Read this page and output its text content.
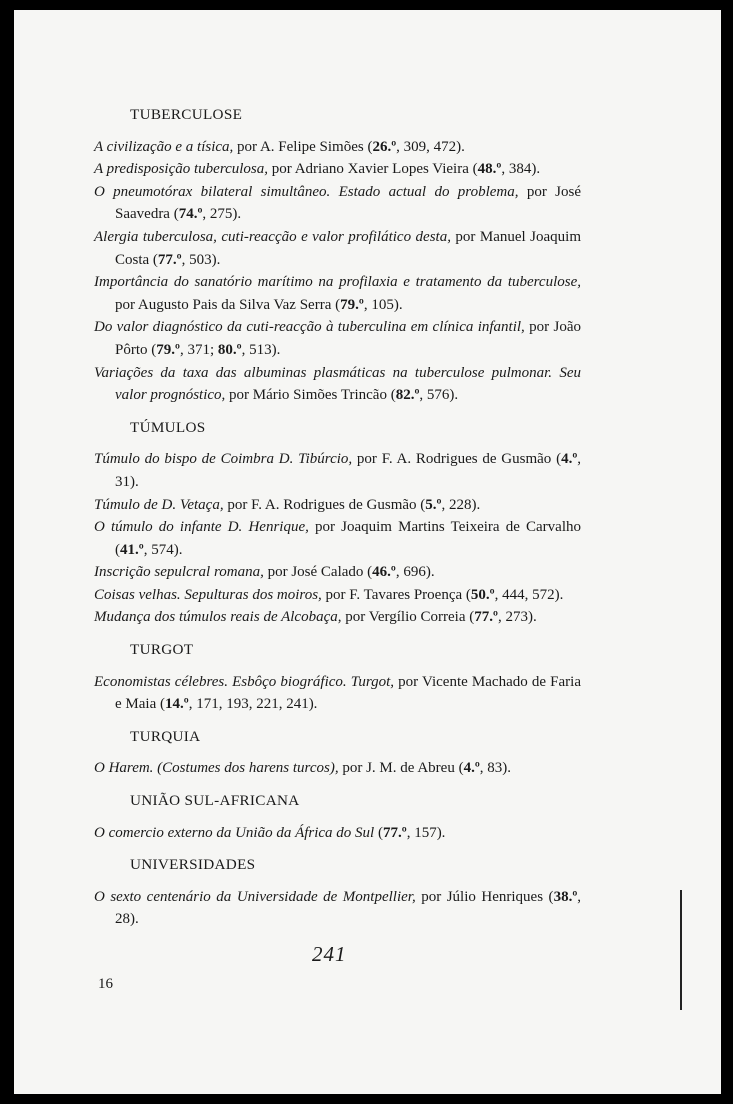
TUBERCULOSE

A civilização e a tísica, por A. Felipe Simões (26.º, 309, 472).

A predisposição tuberculosa, por Adriano Xavier Lopes Vieira (48.º, 384).

O pneumotórax bilateral simultâneo. Estado actual do problema, por José Saavedra (74.º, 275).

Alergia tuberculosa, cuti-reacção e valor profilático desta, por Manuel Joaquim Costa (77.º, 503).

Importância do sanatório marítimo na profilaxia e tratamento da tuberculose, por Augusto Pais da Silva Vaz Serra (79.º, 105).

Do valor diagnóstico da cuti-reacção à tuberculina em clínica infantil, por João Pôrto (79.º, 371; 80.º, 513).

Variações da taxa das albuminas plasmáticas na tuberculose pulmonar. Seu valor prognóstico, por Mário Simões Trincão (82.º, 576).

TÚMULOS

Túmulo do bispo de Coimbra D. Tibúrcio, por F. A. Rodrigues de Gusmão (4.º, 31).

Túmulo de D. Vetaça, por F. A. Rodrigues de Gusmão (5.º, 228).

O túmulo do infante D. Henrique, por Joaquim Martins Teixeira de Carvalho (41.º, 574).

Inscrição sepulcral romana, por José Calado (46.º, 696).

Coisas velhas. Sepulturas dos moiros, por F. Tavares Proença (50.º, 444, 572).

Mudança dos túmulos reais de Alcobaça, por Vergílio Correia (77.º, 273).

TURGOT

Economistas célebres. Esbôço biográfico. Turgot, por Vicente Machado de Faria e Maia (14.º, 171, 193, 221, 241).

TURQUIA

O Harem. (Costumes dos harens turcos), por J. M. de Abreu (4.º, 83).

UNIÃO SUL-AFRICANA

O comercio externo da União da África do Sul (77.º, 157).

UNIVERSIDADES

O sexto centenário da Universidade de Montpellier, por Júlio Henriques (38.º, 28).

241
16
